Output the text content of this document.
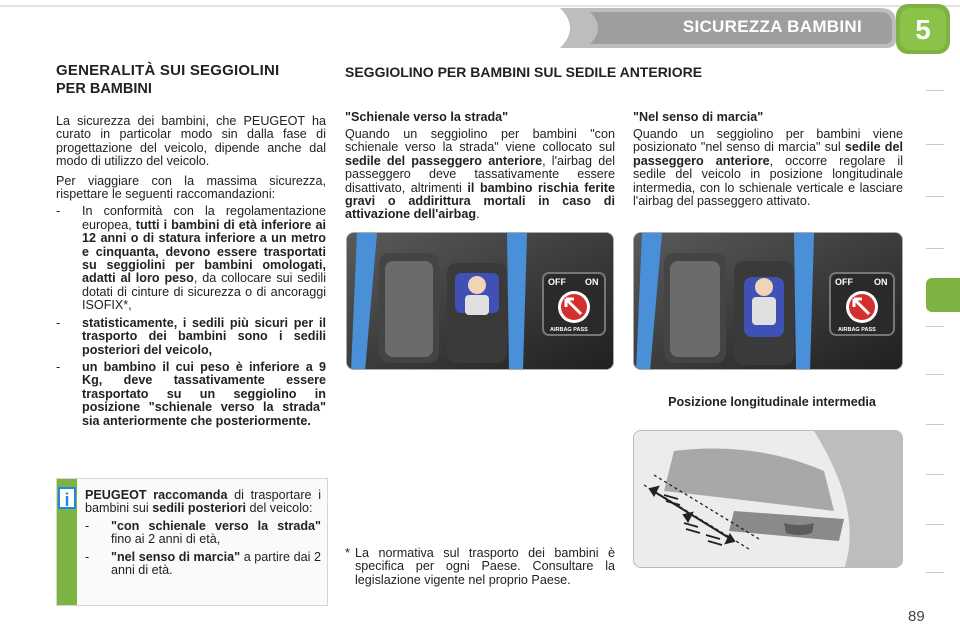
SICUREZZA BAMBINI	5
GENERALITÀ SUI SEGGIOLINI
PER BAMBINI
La sicurezza dei bambini, che PEUGEOT ha curato in particolar modo sin dalla fase di progettazione del veicolo, dipende anche dal modo di utilizzo del veicolo.
Per viaggiare con la massima sicurezza, rispettare le seguenti raccomandazioni:
- In conformità con la regolamentazione europea, tutti i bambini di età inferiore ai 12 anni o di statura inferiore a un metro e cinquanta, devono essere trasportati su seggiolini per bambini omologati, adatti al loro peso, da collocare sui sedili dotati di cinture di sicurezza o di ancoraggi ISOFIX*,
- statisticamente, i sedili più sicuri per il trasporto dei bambini sono i sedili posteriori del veicolo,
- un bambino il cui peso è inferiore a 9 Kg, deve tassativamente essere trasportato su un seggiolino in posizione "schienale verso la strada" sia anteriormente che posteriormente.
i	PEUGEOT raccomanda di trasportare i bambini sui sedili posteriori del veicolo:
- "con schienale verso la strada" fino ai 2 anni di età,
- "nel senso di marcia" a partire dai 2 anni di età.
SEGGIOLINO PER BAMBINI SUL SEDILE ANTERIORE
"Schienale verso la strada"
Quando un seggiolino per bambini "con schienale verso la strada" viene collocato sul sedile del passeggero anteriore, l'airbag del passeggero deve tassativamente essere disattivato, altrimenti il bambino rischia ferite gravi o addirittura mortali in caso di attivazione dell'airbag.
"Nel senso di marcia"
Quando un seggiolino per bambini viene posizionato "nel senso di marcia" sul sedile del passeggero anteriore, occorre regolare il sedile del veicolo in posizione longitudinale intermedia, con lo schienale verticale e lasciare l'airbag del passeggero attivato.
OFF ON
AIRBAG PASS
OFF ON
AIRBAG PASS
Posizione longitudinale intermedia
* La normativa sul trasporto dei bambini è specifica per ogni Paese. Consultare la legislazione vigente nel proprio Paese.
89
